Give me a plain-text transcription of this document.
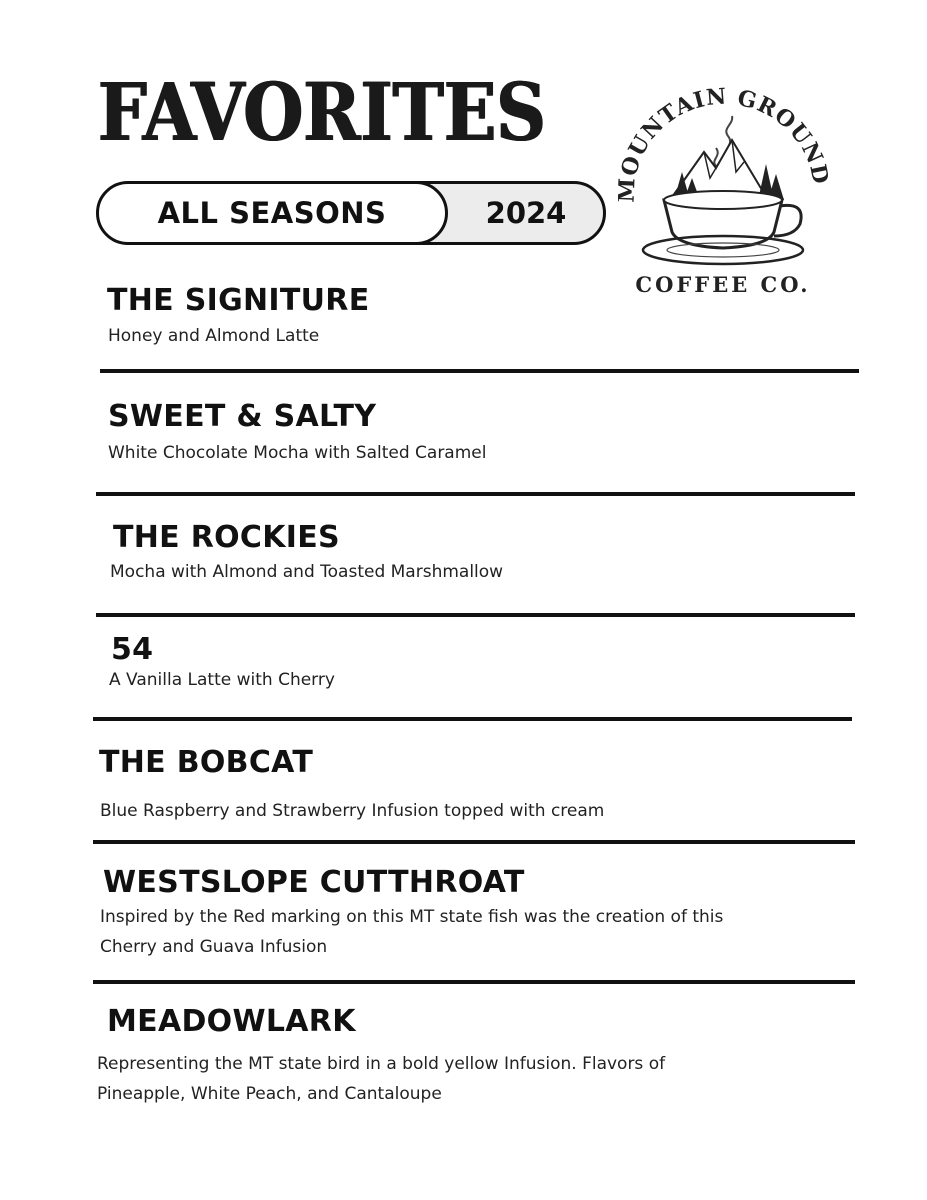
FAVORITES
ALL SEASONS	2024
OUNTAIN GROUN
COFFEE CO.
THE SIGNITURE

Honey and Almond Latte

SWEET & SALTY

White Chocolate Mocha with Salted Caramel

THE ROCKIES

Mocha with Almond and Toasted Marshmallow

54

A Vanilla Latte with Cherry

THE BOBCAT

Blue Raspberry and Strawberry Infusion topped with cream

WESTSLOPE CUTTHROAT

Inspired by the Red marking on this MT state fish was the creation of this

Cherry and Guava Infusion

MEADOWLARK

Representing the MT state bird in a bold yellow Infusion. Flavors of

Pineapple, White Peach, and Cantaloupe
